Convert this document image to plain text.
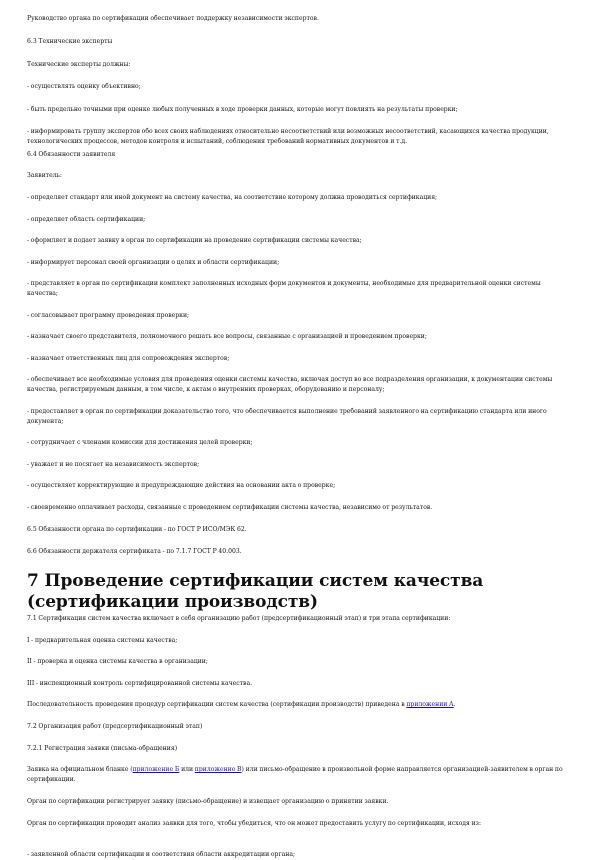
Руководство органа по сертификации обеспечивает поддержку независимости экспертов.

6.3 Технические эксперты

Технические эксперты должны:

- осуществлять оценку объективно;

- быть предельно точными при оценке любых полученных в ходе проверки данных, которые могут повлиять на результаты проверки;

- информировать группу экспертов обо всех своих наблюдениях относительно несоответствий или возможных несоответствий, касающихся качества продукции, технологических процессов, методов контроля и испытаний, соблюдения требований нормативных документов и т.д.

6.4 Обязанности заявителя

Заявитель:

- определяет стандарт или иной документ на систему качества, на соответствие которому должна проводиться сертификация;

- определяет область сертификации;

- оформляет и подает заявку в орган по сертификации на проведение сертификации системы качества;

- информирует персонал своей организации о целях и области сертификации;

- представляет в орган по сертификации комплект заполненных исходных форм документов и документы, необходимые для предварительной оценки системы качества;

- согласовывает программу проведения проверки;

- назначает своего представителя, полномочного решать все вопросы, связанные с организацией и проведением проверки;

- назначает ответственных лиц для сопровождения экспертов;

- обеспечивает все необходимые условия для проведения оценки системы качества, включая доступ во все подразделения организации, к документации системы качества, регистрируемым данным, в том числе, к актам о внутренних проверках, оборудованию и персоналу;

- предоставляет в орган по сертификации доказательство того, что обеспечивается выполнение требований заявленного на сертификацию стандарта или иного документа;

- сотрудничает с членами комиссии для достижения целей проверки;

- уважает и не посягает на независимость экспертов;

- осуществляет корректирующие и предупреждающие действия на основании акта о проверке;

- своевременно оплачивает расходы, связанные с проведением сертификации системы качества, независимо от результатов.

6.5 Обязанности органа по сертификации - по ГОСТ Р ИСО/МЭК 62.

6.6 Обязанности держателя сертификата - по 7.1.7 ГОСТ Р 40.003.

7 Проведение сертификации систем качества (сертификации производств)

7.1 Сертификация систем качества включает в себя организацию работ (предсертификационный этап) и три этапа сертификации:

I - предварительная оценка системы качества;

II - проверка и оценка системы качества в организации;

III - инспекционный контроль сертифицированной системы качества.

Последовательность проведения процедур сертификации систем качества (сертификации производств) приведена в приложении А.

7.2 Организация работ (предсертификационный этап)

7.2.1 Регистрация заявки (письма-обращения)

Заявка на официальном бланке (приложение Б или приложение В) или письмо-обращение в произвольной форме направляется организацией-заявителем в орган по сертификации.

Орган по сертификации регистрирует заявку (письмо-обращение) и извещает организацию о принятии заявки.

Орган по сертификации проводит анализ заявки для того, чтобы убедиться, что он может предоставить услугу по сертификации, исходя из:

- заявленной области сертификации и соответствия области аккредитации органа;
